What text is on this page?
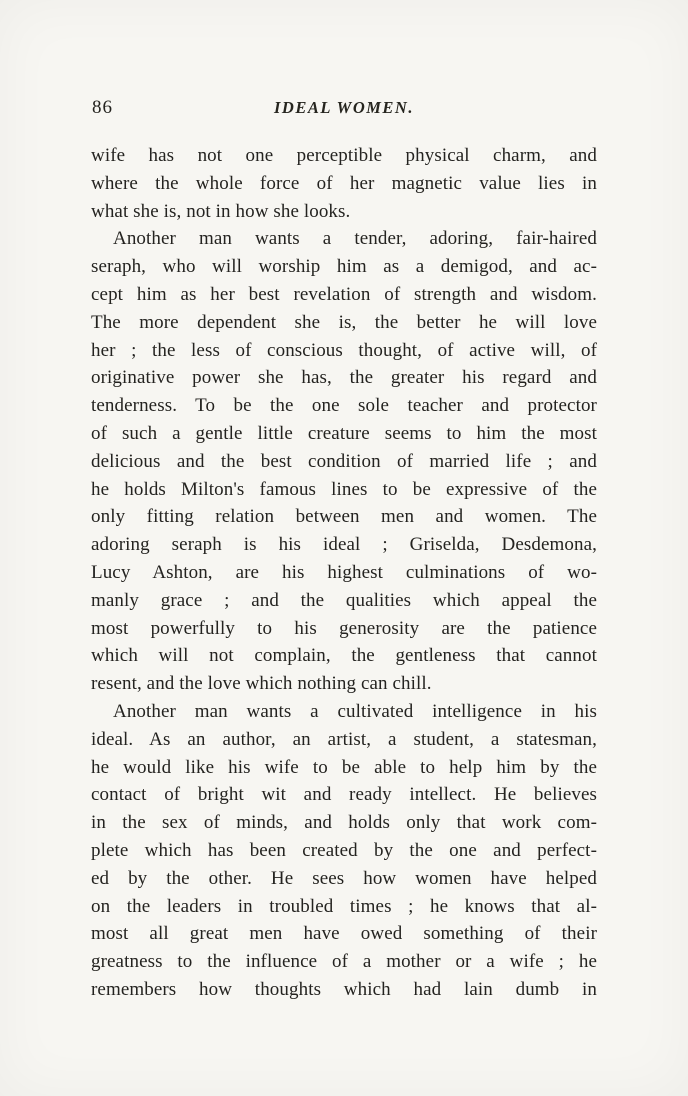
86	IDEAL WOMEN.
wife has not one perceptible physical charm, and
where the whole force of her magnetic value lies in
what she is, not in how she looks.
Another man wants a tender, adoring, fair-haired
seraph, who will worship him as a demigod, and ac-
cept him as her best revelation of strength and wisdom.
The more dependent she is, the better he will love
her ; the less of conscious thought, of active will, of
originative power she has, the greater his regard and
tenderness. To be the one sole teacher and protector
of such a gentle little creature seems to him the most
delicious and the best condition of married life ; and
he holds Milton's famous lines to be expressive of the
only fitting relation between men and women. The
adoring seraph is his ideal ; Griselda, Desdemona,
Lucy Ashton, are his highest culminations of wo-
manly grace ; and the qualities which appeal the
most powerfully to his generosity are the patience
which will not complain, the gentleness that cannot
resent, and the love which nothing can chill.
Another man wants a cultivated intelligence in his
ideal. As an author, an artist, a student, a statesman,
he would like his wife to be able to help him by the
contact of bright wit and ready intellect. He believes
in the sex of minds, and holds only that work com-
plete which has been created by the one and perfect-
ed by the other. He sees how women have helped
on the leaders in troubled times ; he knows that al-
most all great men have owed something of their
greatness to the influence of a mother or a wife ; he
remembers how thoughts which had lain dumb in
